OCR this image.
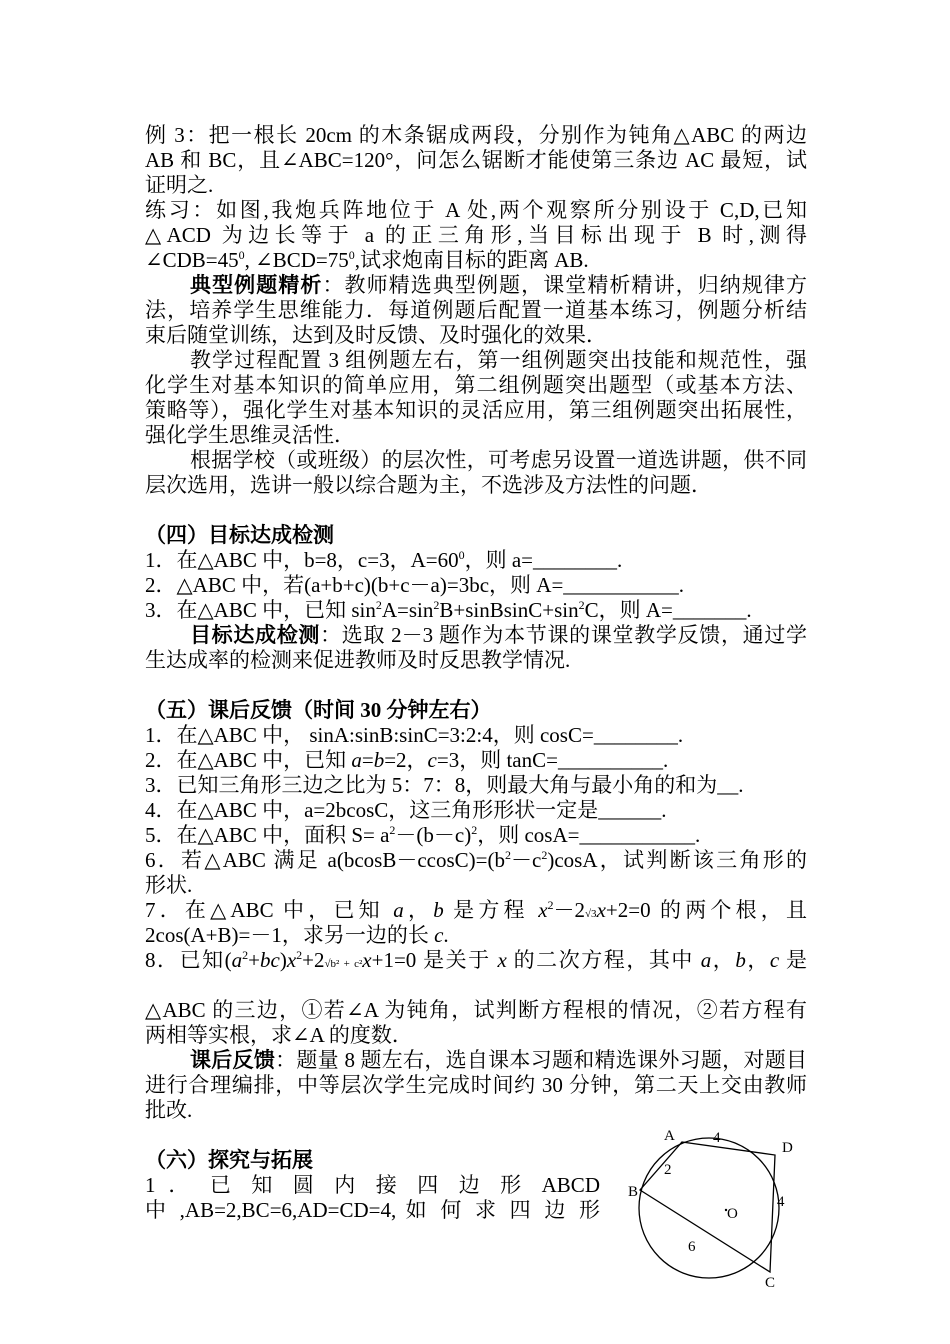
例 3：把一根长 20cm 的木条锯成两段，分别作为钝角△ABC 的两边
AB 和 BC，且∠ABC=120°，问怎么锯断才能使第三条边 AC 最短，试
证明之.
练习：如图,我炮兵阵地位于 A 处,两个观察所分别设于 C,D,已知
△ACD 为边长等于 a 的正三角形,当目标出现于 B 时,测得
$\angle CDB=45^0$, $\angle BCD=75^0$,试求炮南目标的距离 AB.
典型例题精析：教师精选典型例题，课堂精析精讲，归纳规律方
法，培养学生思维能力．每道例题后配置一道基本练习，例题分析结
束后随堂训练，达到及时反馈、及时强化的效果．
教学过程配置 3 组例题左右，第一组例题突出技能和规范性，强
化学生对基本知识的简单应用，第二组例题突出题型（或基本方法、
策略等），强化学生对基本知识的灵活应用，第三组例题突出拓展性，
强化学生思维灵活性．
根据学校（或班级）的层次性，可考虑另设置一道选讲题，供不同
层次选用，选讲一般以综合题为主，不选涉及方法性的问题．
（四）目标达成检测
1．在△ABC 中，b=8，c=3，$A=60^0$，则 a=________.
2．△ABC 中，若(a+b+c)(b+c－a)=3bc，则 A=___________.
3．在△ABC 中，已知 $\sin^2A=\sin^2B+sinBsinC+\sin^2C$，则 A=_______.
目标达成检测：选取 2－3 题作为本节课的课堂教学反馈，通过学
生达成率的检测来促进教师及时反思教学情况.
（五）课后反馈（时间 30 分钟左右）
1．在△ABC 中， sinA:sinB:sinC=3:2:4，则 cosC=________.
2．在△ABC 中，已知 a=b=2，c=3，则 tanC=__________.
3．已知三角形三边之比为 5：7：8，则最大角与最小角的和为__.
4．在△ABC 中，a=2bcosC，这三角形形状一定是______.
5．在△ABC 中，面积 $S= a^2-(b-c)^2$，则 cosA=___________.
6．若△ABC 满足 $a(bcosB-ccosC)=(b^2-c^2)\cos A$，试判断该三角形的
形状.
7．在△ABC 中，已知 a，b 是方程 $x^2-2√3x+2=0$ 的两个根，且
2cos(A+B)=－1，求另一边的长 c.
8．已知$(a^2+bc)x^2+2√b^2 + c^2x+1=0$ 是关于 x 的二次方程，其中 a，b，c 是
△ABC 的三边，①若∠A 为钝角，试判断方程根的情况，②若方程有
两相等实根，求∠A 的度数．
课后反馈：题量 8 题左右，选自课本习题和精选课外习题，对题目
进行合理编排，中等层次学生完成时间约 30 分钟，第二天上交由教师
批改.
（六）探究与拓展
1 ． 已 知 圆 内 接 四 边 形 ABCD
中 ,AB=2,BC=6,AD=CD=4, 如 何 求 四 边 形
A
D
B
C
O
4
2
6
4
